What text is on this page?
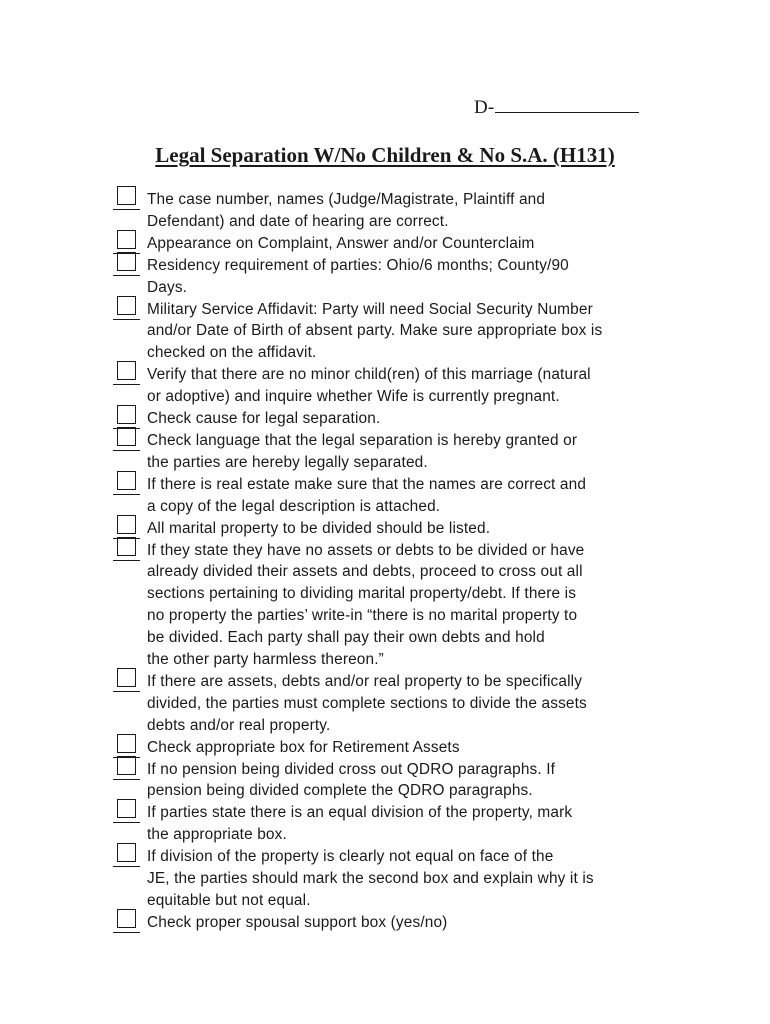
D-
Legal Separation W/No Children & No S.A. (H131)
The case number, names (Judge/Magistrate, Plaintiff and
Defendant) and date of hearing are correct.
Appearance on Complaint, Answer and/or Counterclaim
Residency requirement of parties: Ohio/6 months; County/90
Days.
Military Service Affidavit: Party will need Social Security Number
and/or Date of Birth of absent party. Make sure appropriate box is
checked on the affidavit.
Verify that there are no minor child(ren) of this marriage (natural
or adoptive) and inquire whether Wife is currently pregnant.
Check cause for legal separation.
Check language that the legal separation is hereby granted or
the parties are hereby legally separated.
If there is real estate make sure that the names are correct and
a copy of the legal description is attached.
All marital property to be divided should be listed.
If they state they have no assets or debts to be divided or have
already divided their assets and debts, proceed to cross out all
sections pertaining to dividing marital property/debt. If there is
no property the parties’ write-in “there is no marital property to
be divided. Each party shall pay their own debts and hold
the other party harmless thereon.”
If there are assets, debts and/or real property to be specifically
divided, the parties must complete sections to divide the assets
debts and/or real property.
Check appropriate box for Retirement Assets
If no pension being divided cross out QDRO paragraphs. If
pension being divided complete the QDRO paragraphs.
If parties state there is an equal division of the property, mark
the appropriate box.
If division of the property is clearly not equal on face of the
JE, the parties should mark the second box and explain why it is
equitable but not equal.
Check proper spousal support box (yes/no)
